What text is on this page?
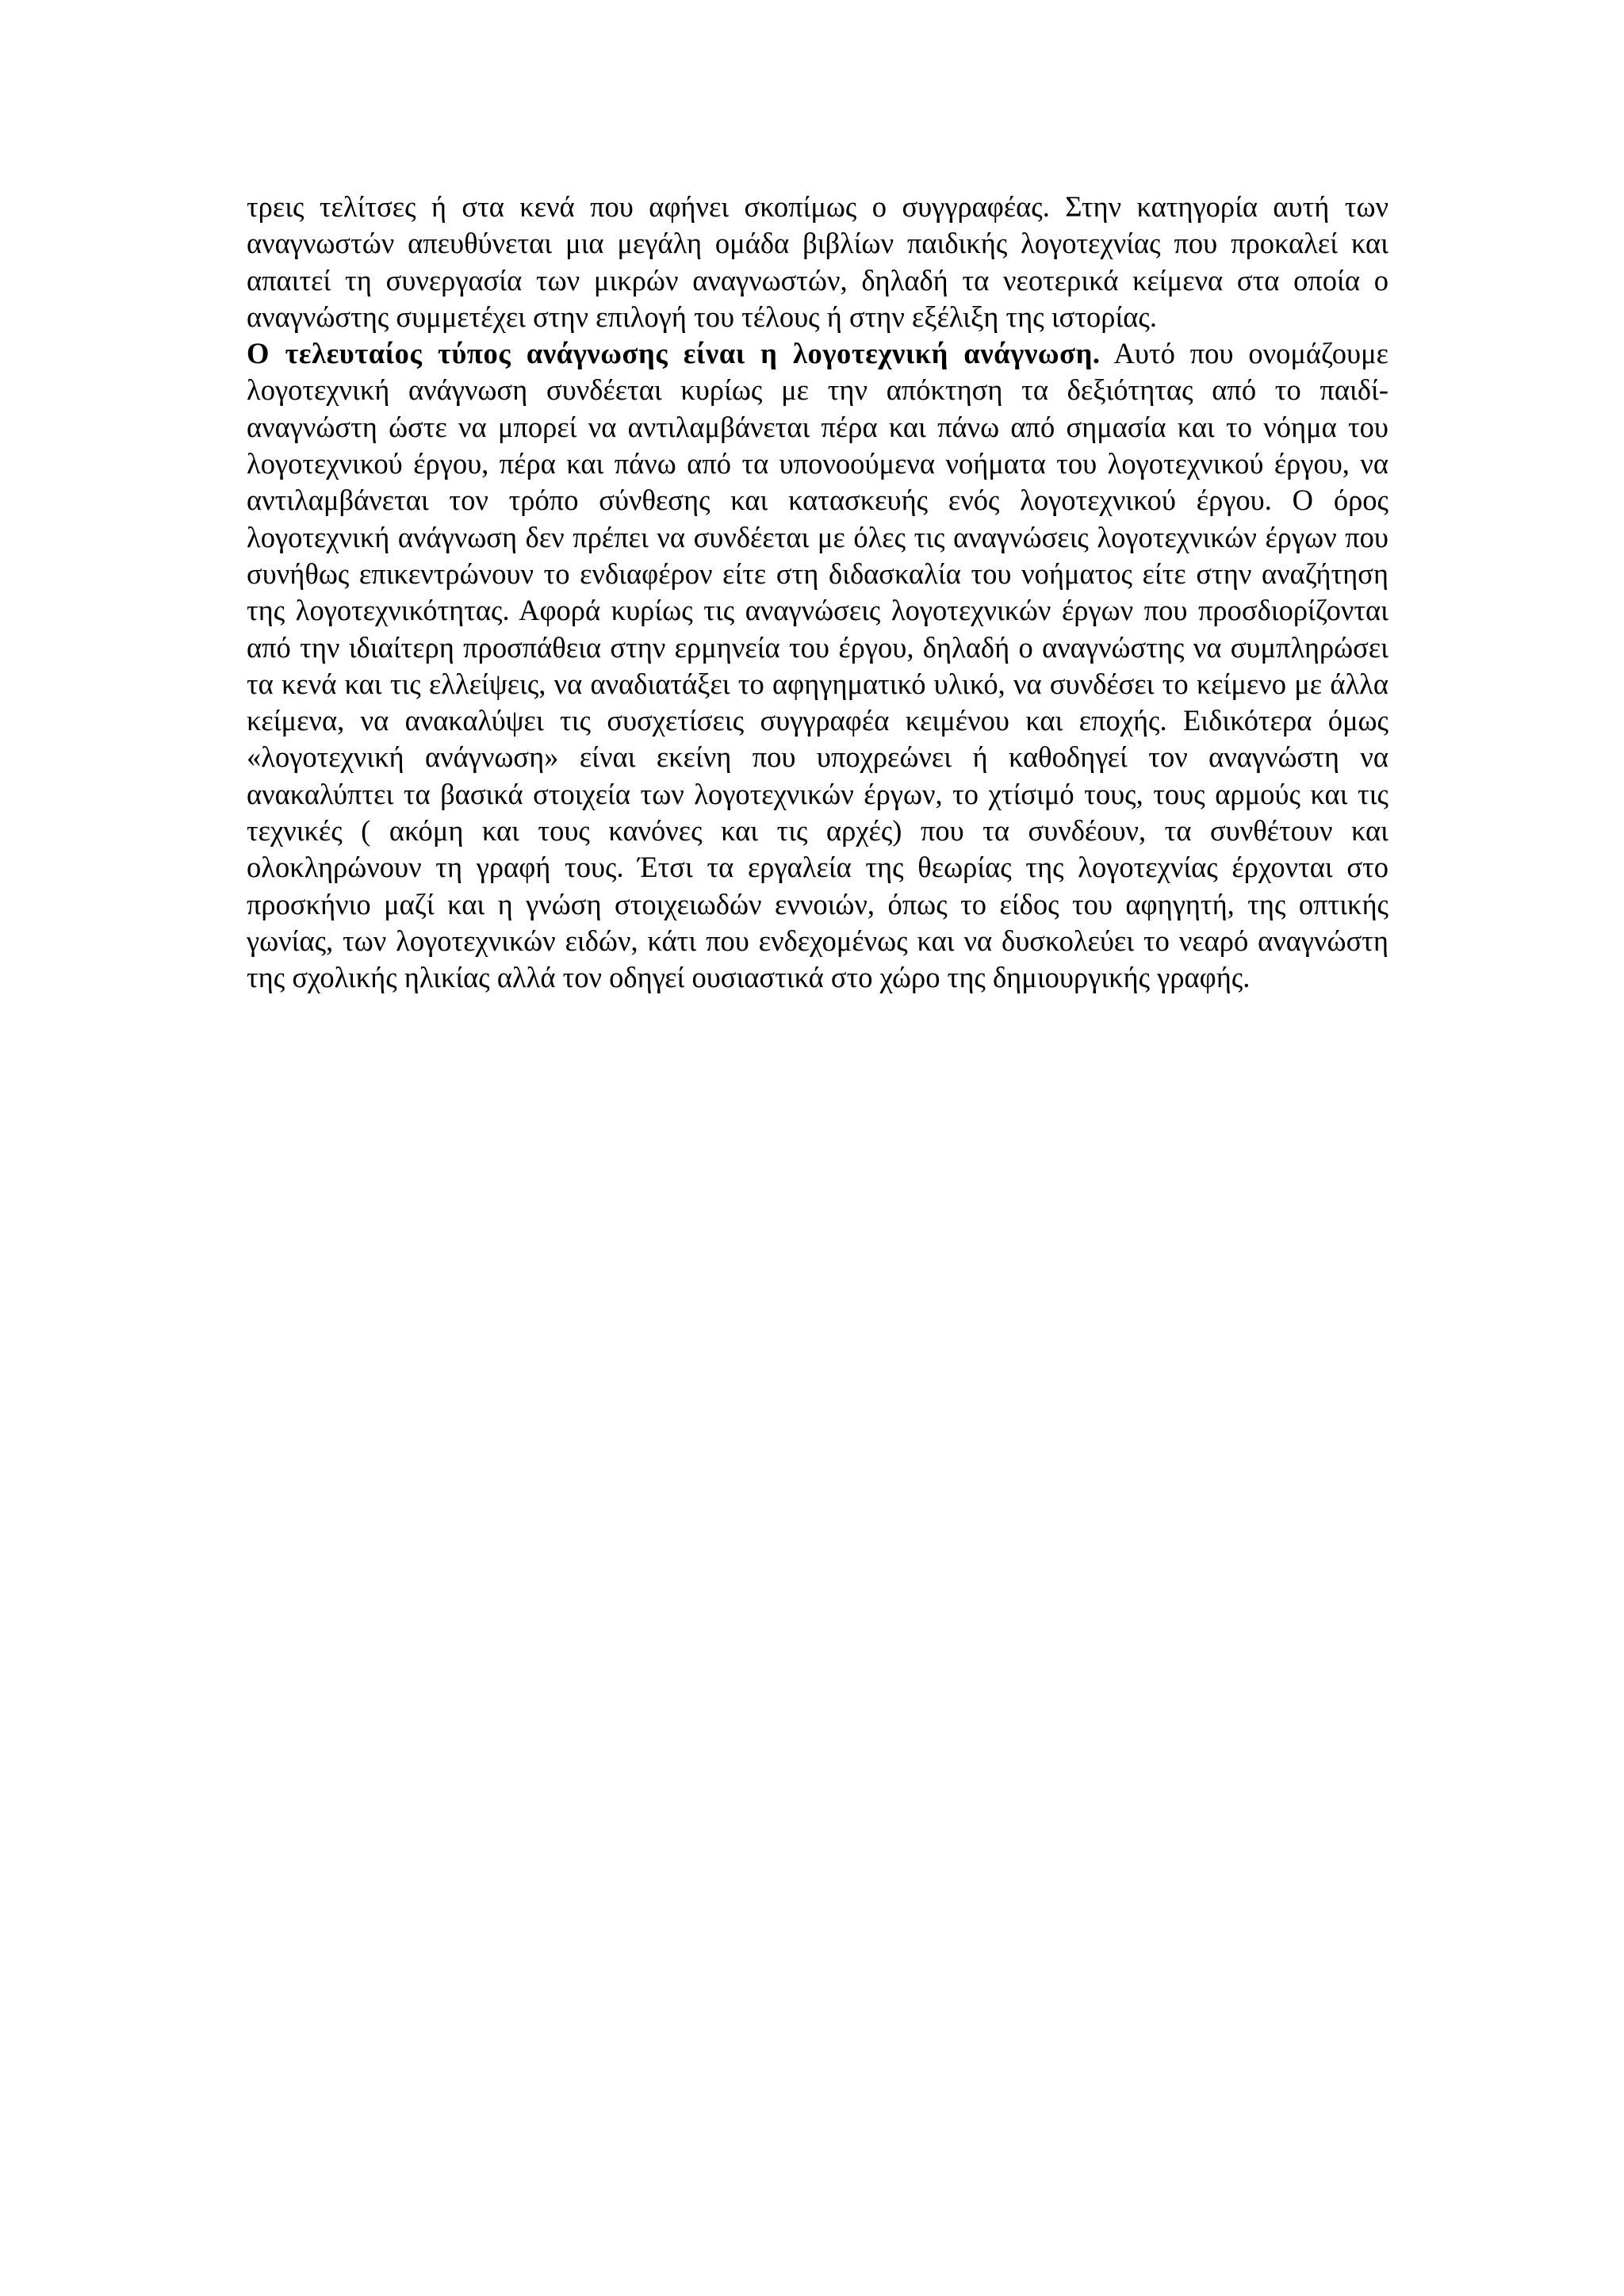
τρεις τελίτσες ή στα κενά που αφήνει σκοπίμως ο συγγραφέας. Στην κατηγορία αυτή των αναγνωστών απευθύνεται μια μεγάλη ομάδα βιβλίων παιδικής λογοτεχνίας που προκαλεί και απαιτεί τη συνεργασία των μικρών αναγνωστών, δηλαδή τα νεοτερικά κείμενα στα οποία ο αναγνώστης συμμετέχει στην επιλογή του τέλους ή στην εξέλιξη της ιστορίας.

Ο τελευταίος τύπος ανάγνωσης είναι η λογοτεχνική ανάγνωση. Αυτό που ονομάζουμε λογοτεχνική ανάγνωση συνδέεται κυρίως με την απόκτηση τα δεξιότητας από το παιδί- αναγνώστη ώστε να μπορεί να αντιλαμβάνεται πέρα και πάνω από σημασία και το νόημα του λογοτεχνικού έργου, πέρα και πάνω από τα υπονοούμενα νοήματα του λογοτεχνικού έργου, να αντιλαμβάνεται τον τρόπο σύνθεσης και κατασκευής ενός λογοτεχνικού έργου. Ο όρος λογοτεχνική ανάγνωση δεν πρέπει να συνδέεται με όλες τις αναγνώσεις λογοτεχνικών έργων που συνήθως επικεντρώνουν το ενδιαφέρον είτε στη διδασκαλία του νοήματος είτε στην αναζήτηση της λογοτεχνικότητας. Αφορά κυρίως τις αναγνώσεις λογοτεχνικών έργων που προσδιορίζονται από την ιδιαίτερη προσπάθεια στην ερμηνεία του έργου, δηλαδή ο αναγνώστης να συμπληρώσει τα κενά και τις ελλείψεις, να αναδιατάξει το αφηγηματικό υλικό, να συνδέσει το κείμενο με άλλα κείμενα, να ανακαλύψει τις συσχετίσεις συγγραφέα κειμένου και εποχής. Ειδικότερα όμως «λογοτεχνική ανάγνωση» είναι εκείνη που υποχρεώνει ή καθοδηγεί τον αναγνώστη να ανακαλύπτει τα βασικά στοιχεία των λογοτεχνικών έργων, το χτίσιμό τους, τους αρμούς και τις τεχνικές ( ακόμη και τους κανόνες και τις αρχές) που τα συνδέουν, τα συνθέτουν και ολοκληρώνουν τη γραφή τους. Έτσι τα εργαλεία της θεωρίας της λογοτεχνίας έρχονται στο προσκήνιο μαζί και η γνώση στοιχειωδών εννοιών, όπως το είδος του αφηγητή, της οπτικής γωνίας, των λογοτεχνικών ειδών, κάτι που ενδεχομένως και να δυσκολεύει το νεαρό αναγνώστη της σχολικής ηλικίας αλλά τον οδηγεί ουσιαστικά στο χώρο της δημιουργικής γραφής.
